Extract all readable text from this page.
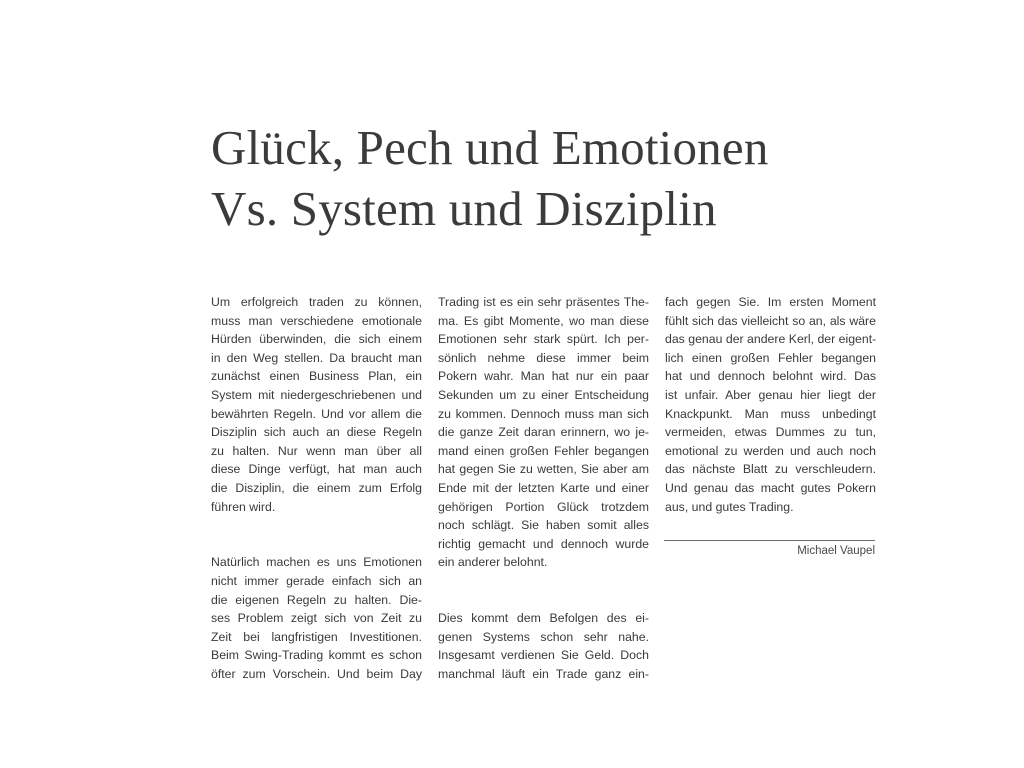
Glück, Pech und Emotionen
Vs. System und Disziplin

Um erfolgreich traden zu können,
muss man verschiedene emotionale
Hürden überwinden, die sich einem
in den Weg stellen. Da braucht man
zunächst einen Business Plan, ein
System mit niedergeschriebenen und
bewährten Regeln. Und vor allem die
Disziplin sich auch an diese Regeln
zu halten. Nur wenn man über all
diese Dinge verfügt, hat man auch
die Disziplin, die einem zum Erfolg
führen wird.

Natürlich machen es uns Emotionen
nicht immer gerade einfach sich an
die eigenen Regeln zu halten. Die-
ses Problem zeigt sich von Zeit zu
Zeit bei langfristigen Investitionen.
Beim Swing-Trading kommt es schon
öfter zum Vorschein. Und beim Day

Trading ist es ein sehr präsentes The-
ma. Es gibt Momente, wo man diese
Emotionen sehr stark spürt. Ich per-
sönlich nehme diese immer beim
Pokern wahr. Man hat nur ein paar
Sekunden um zu einer Entscheidung
zu kommen. Dennoch muss man sich
die ganze Zeit daran erinnern, wo je-
mand einen großen Fehler begangen
hat gegen Sie zu wetten, Sie aber am
Ende mit der letzten Karte und einer
gehörigen Portion Glück trotzdem
noch schlägt. Sie haben somit alles
richtig gemacht und dennoch wurde
ein anderer belohnt.

Dies kommt dem Befolgen des ei-
genen Systems schon sehr nahe.
Insgesamt verdienen Sie Geld. Doch
manchmal läuft ein Trade ganz ein-

fach gegen Sie. Im ersten Moment
fühlt sich das vielleicht so an, als wäre
das genau der andere Kerl, der eigent-
lich einen großen Fehler begangen
hat und dennoch belohnt wird. Das
ist unfair. Aber genau hier liegt der
Knackpunkt. Man muss unbedingt
vermeiden, etwas Dummes zu tun,
emotional zu werden und auch noch
das nächste Blatt zu verschleudern.
Und genau das macht gutes Pokern
aus, und gutes Trading.

Michael Vaupel
